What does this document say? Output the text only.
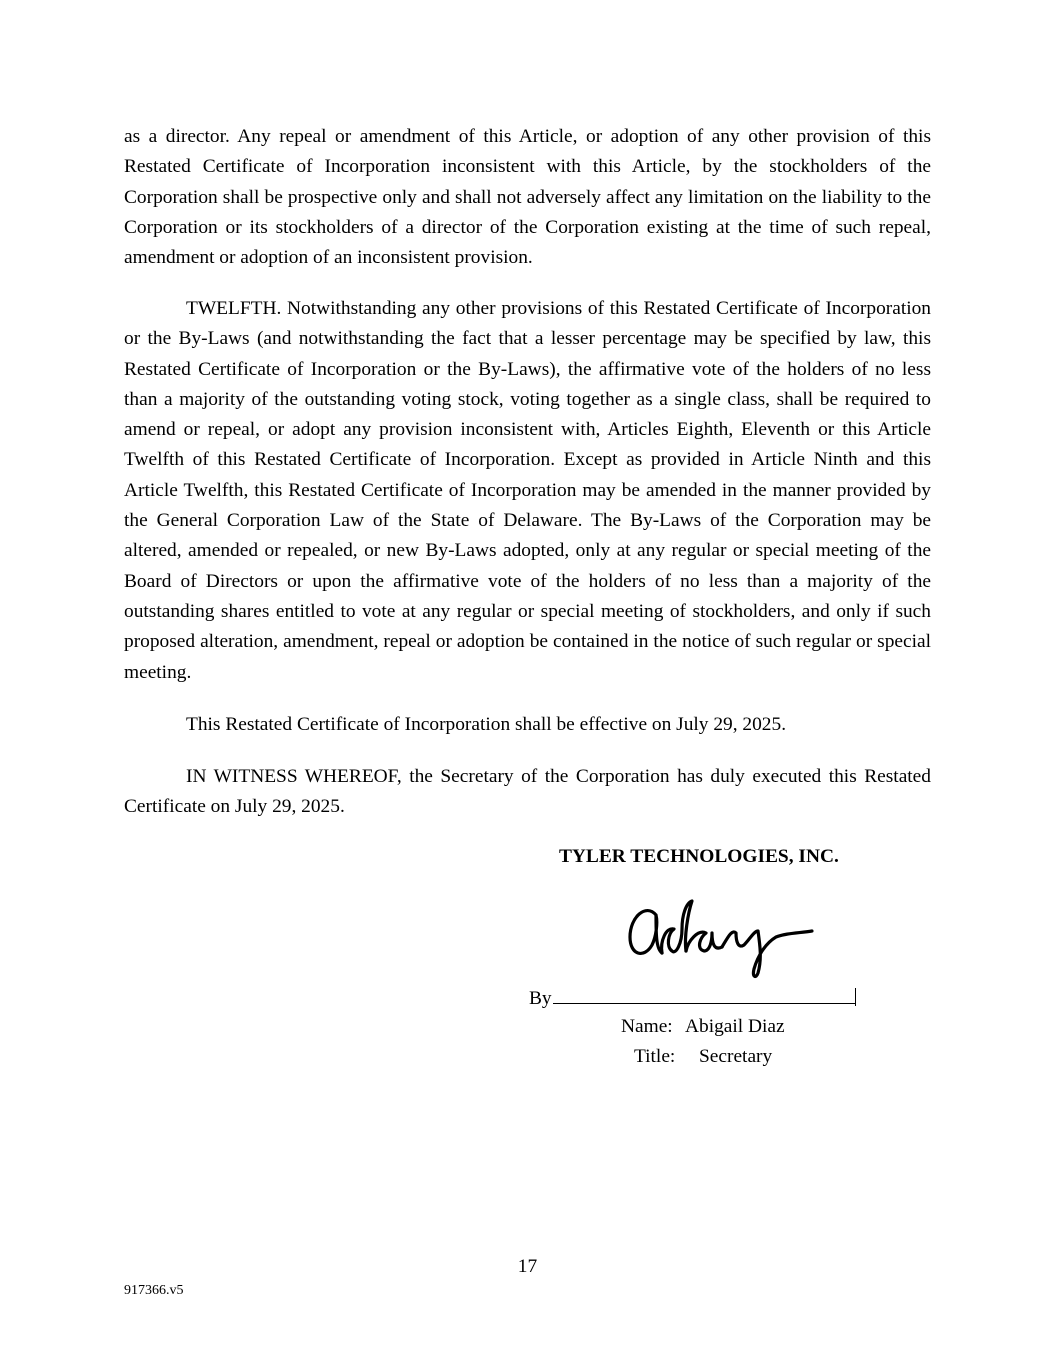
as a director. Any repeal or amendment of this Article, or adoption of any other provision of this Restated Certificate of Incorporation inconsistent with this Article, by the stockholders of the Corporation shall be prospective only and shall not adversely affect any limitation on the liability to the Corporation or its stockholders of a director of the Corporation existing at the time of such repeal, amendment or adoption of an inconsistent provision.

TWELFTH. Notwithstanding any other provisions of this Restated Certificate of Incorporation or the By-Laws (and notwithstanding the fact that a lesser percentage may be specified by law, this Restated Certificate of Incorporation or the By-Laws), the affirmative vote of the holders of no less than a majority of the outstanding voting stock, voting together as a single class, shall be required to amend or repeal, or adopt any provision inconsistent with, Articles Eighth, Eleventh or this Article Twelfth of this Restated Certificate of Incorporation. Except as provided in Article Ninth and this Article Twelfth, this Restated Certificate of Incorporation may be amended in the manner provided by the General Corporation Law of the State of Delaware. The By-Laws of the Corporation may be altered, amended or repealed, or new By-Laws adopted, only at any regular or special meeting of the Board of Directors or upon the affirmative vote of the holders of no less than a majority of the outstanding shares entitled to vote at any regular or special meeting of stockholders, and only if such proposed alteration, amendment, repeal or adoption be contained in the notice of such regular or special meeting.

This Restated Certificate of Incorporation shall be effective on July 29, 2025.

IN WITNESS WHEREOF, the Secretary of the Corporation has duly executed this Restated Certificate on July 29, 2025.

TYLER TECHNOLOGIES, INC.
By
Name: Abigail Diaz
Title: Secretary
17
917366.v5
